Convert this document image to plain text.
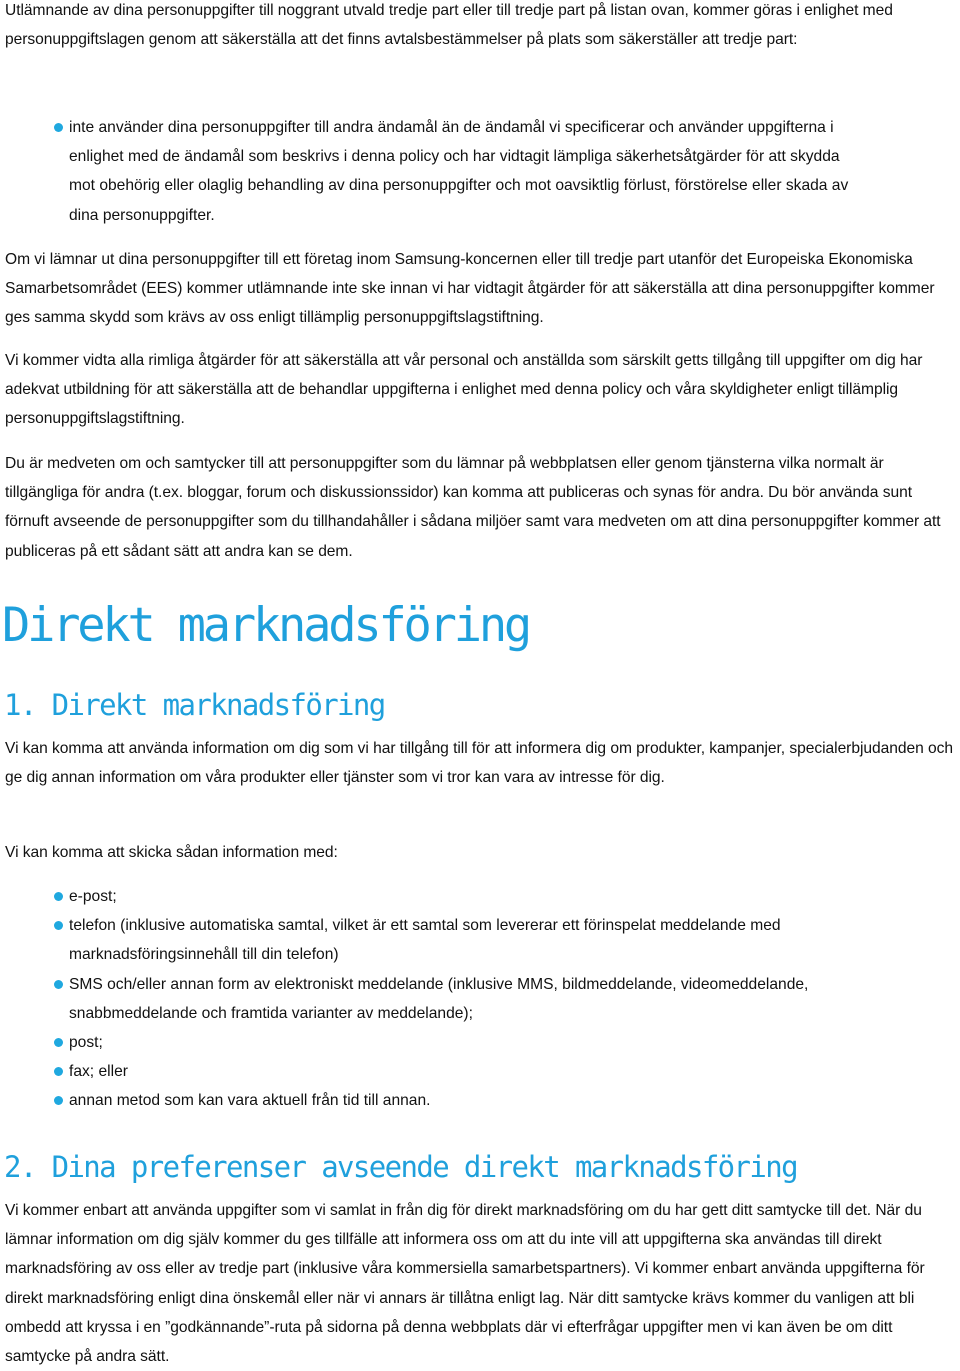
Utlämnande av dina personuppgifter till noggrant utvald tredje part eller till tredje part på listan ovan, kommer göras i enlighet med personuppgiftslagen genom att säkerställa att det finns avtalsbestämmelser på plats som säkerställer att tredje part:

inte använder dina personuppgifter till andra ändamål än de ändamål vi specificerar och använder uppgifterna i enlighet med de ändamål som beskrivs i denna policy och har vidtagit lämpliga säkerhetsåtgärder för att skydda mot obehörig eller olaglig behandling av dina personuppgifter och mot oavsiktlig förlust, förstörelse eller skada av dina personuppgifter.

Om vi lämnar ut dina personuppgifter till ett företag inom Samsung-koncernen eller till tredje part utanför det Europeiska Ekonomiska Samarbetsområdet (EES) kommer utlämnande inte ske innan vi har vidtagit åtgärder för att säkerställa att dina personuppgifter kommer ges samma skydd som krävs av oss enligt tillämplig personuppgiftslagstiftning.

Vi kommer vidta alla rimliga åtgärder för att säkerställa att vår personal och anställda som särskilt getts tillgång till uppgifter om dig har adekvat utbildning för att säkerställa att de behandlar uppgifterna i enlighet med denna policy och våra skyldigheter enligt tillämplig personuppgiftslagstiftning.

Du är medveten om och samtycker till att personuppgifter som du lämnar på webbplatsen eller genom tjänsterna vilka normalt är tillgängliga för andra (t.ex. bloggar, forum och diskussionssidor) kan komma att publiceras och synas för andra. Du bör använda sunt förnuft avseende de personuppgifter som du tillhandahåller i sådana miljöer samt vara medveten om att dina personuppgifter kommer att publiceras på ett sådant sätt att andra kan se dem.

Direkt marknadsföring
1. Direkt marknadsföring

Vi kan komma att använda information om dig som vi har tillgång till för att informera dig om produkter, kampanjer, specialerbjudanden och ge dig annan information om våra produkter eller tjänster som vi tror kan vara av intresse för dig.

Vi kan komma att skicka sådan information med:

e-post;
telefon (inklusive automatiska samtal, vilket är ett samtal som levererar ett förinspelat meddelande med marknadsföringsinnehåll till din telefon)
SMS och/eller annan form av elektroniskt meddelande (inklusive MMS, bildmeddelande, videomeddelande, snabbmeddelande och framtida varianter av meddelande);
post;
fax; eller
annan metod som kan vara aktuell från tid till annan.
2. Dina preferenser avseende direkt marknadsföring

Vi kommer enbart att använda uppgifter som vi samlat in från dig för direkt marknadsföring om du har gett ditt samtycke till det. När du lämnar information om dig själv kommer du ges tillfälle att informera oss om att du inte vill att uppgifterna ska användas till direkt marknadsföring av oss eller av tredje part (inklusive våra kommersiella samarbetspartners). Vi kommer enbart använda uppgifterna för direkt marknadsföring enligt dina önskemål eller när vi annars är tillåtna enligt lag. När ditt samtycke krävs kommer du vanligen att bli ombedd att kryssa i en ”godkännande”-ruta på sidorna på denna webbplats där vi efterfrågar uppgifter men vi kan även be om ditt samtycke på andra sätt.
